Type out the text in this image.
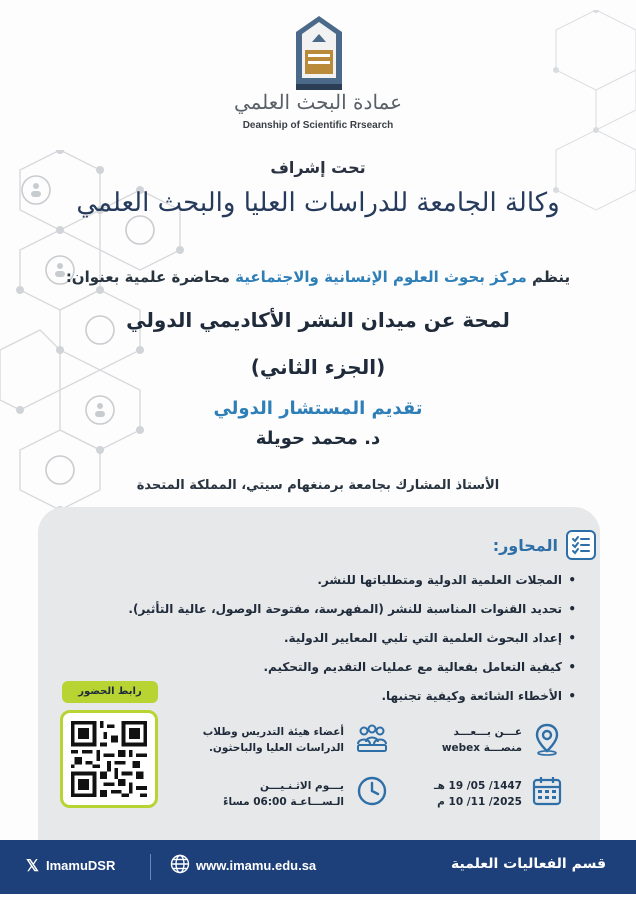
عمادة البحث العلمي
Deanship of Scientific Rrsearch
تحت إشراف
وكالة الجامعة للدراسات العليا والبحث العلمي
ينظم مركز بحوث العلوم الإنسانية والاجتماعية محاضرة علمية بعنوان:
لمحة عن ميدان النشر الأكاديمي الدولي
(الجزء الثاني)
تقديم المستشار الدولي
د. محمد حويلة
الأستاذ المشارك بجامعة برمنغهام سيتي، المملكة المتحدة
المحاور:
• المجلات العلمية الدولية ومتطلباتها للنشر.
• تحديد القنوات المناسبة للنشر (المفهرسة، مفتوحة الوصول، عالية التأثير).
• إعداد البحوث العلمية التي تلبي المعايير الدولية.
• كيفية التعامل بفعالية مع عمليات التقديم والتحكيم.
• الأخطاء الشائعة وكيفية تجنبها.
عـــن بـــعـــد
منصـــة webex
أعضاء هيئة التدريس وطلاب
الدراسات العليا والباحثون.
1447/ 05/ 19 هـ
2025/ 11/ 10 م
يـــوم الاثـنـيـــن
الـســـاعـة 06:00 مساءً
رابط الحضور
قسم الفعاليات العلمية
www.imamu.edu.sa
𝕏 ImamuDSR
